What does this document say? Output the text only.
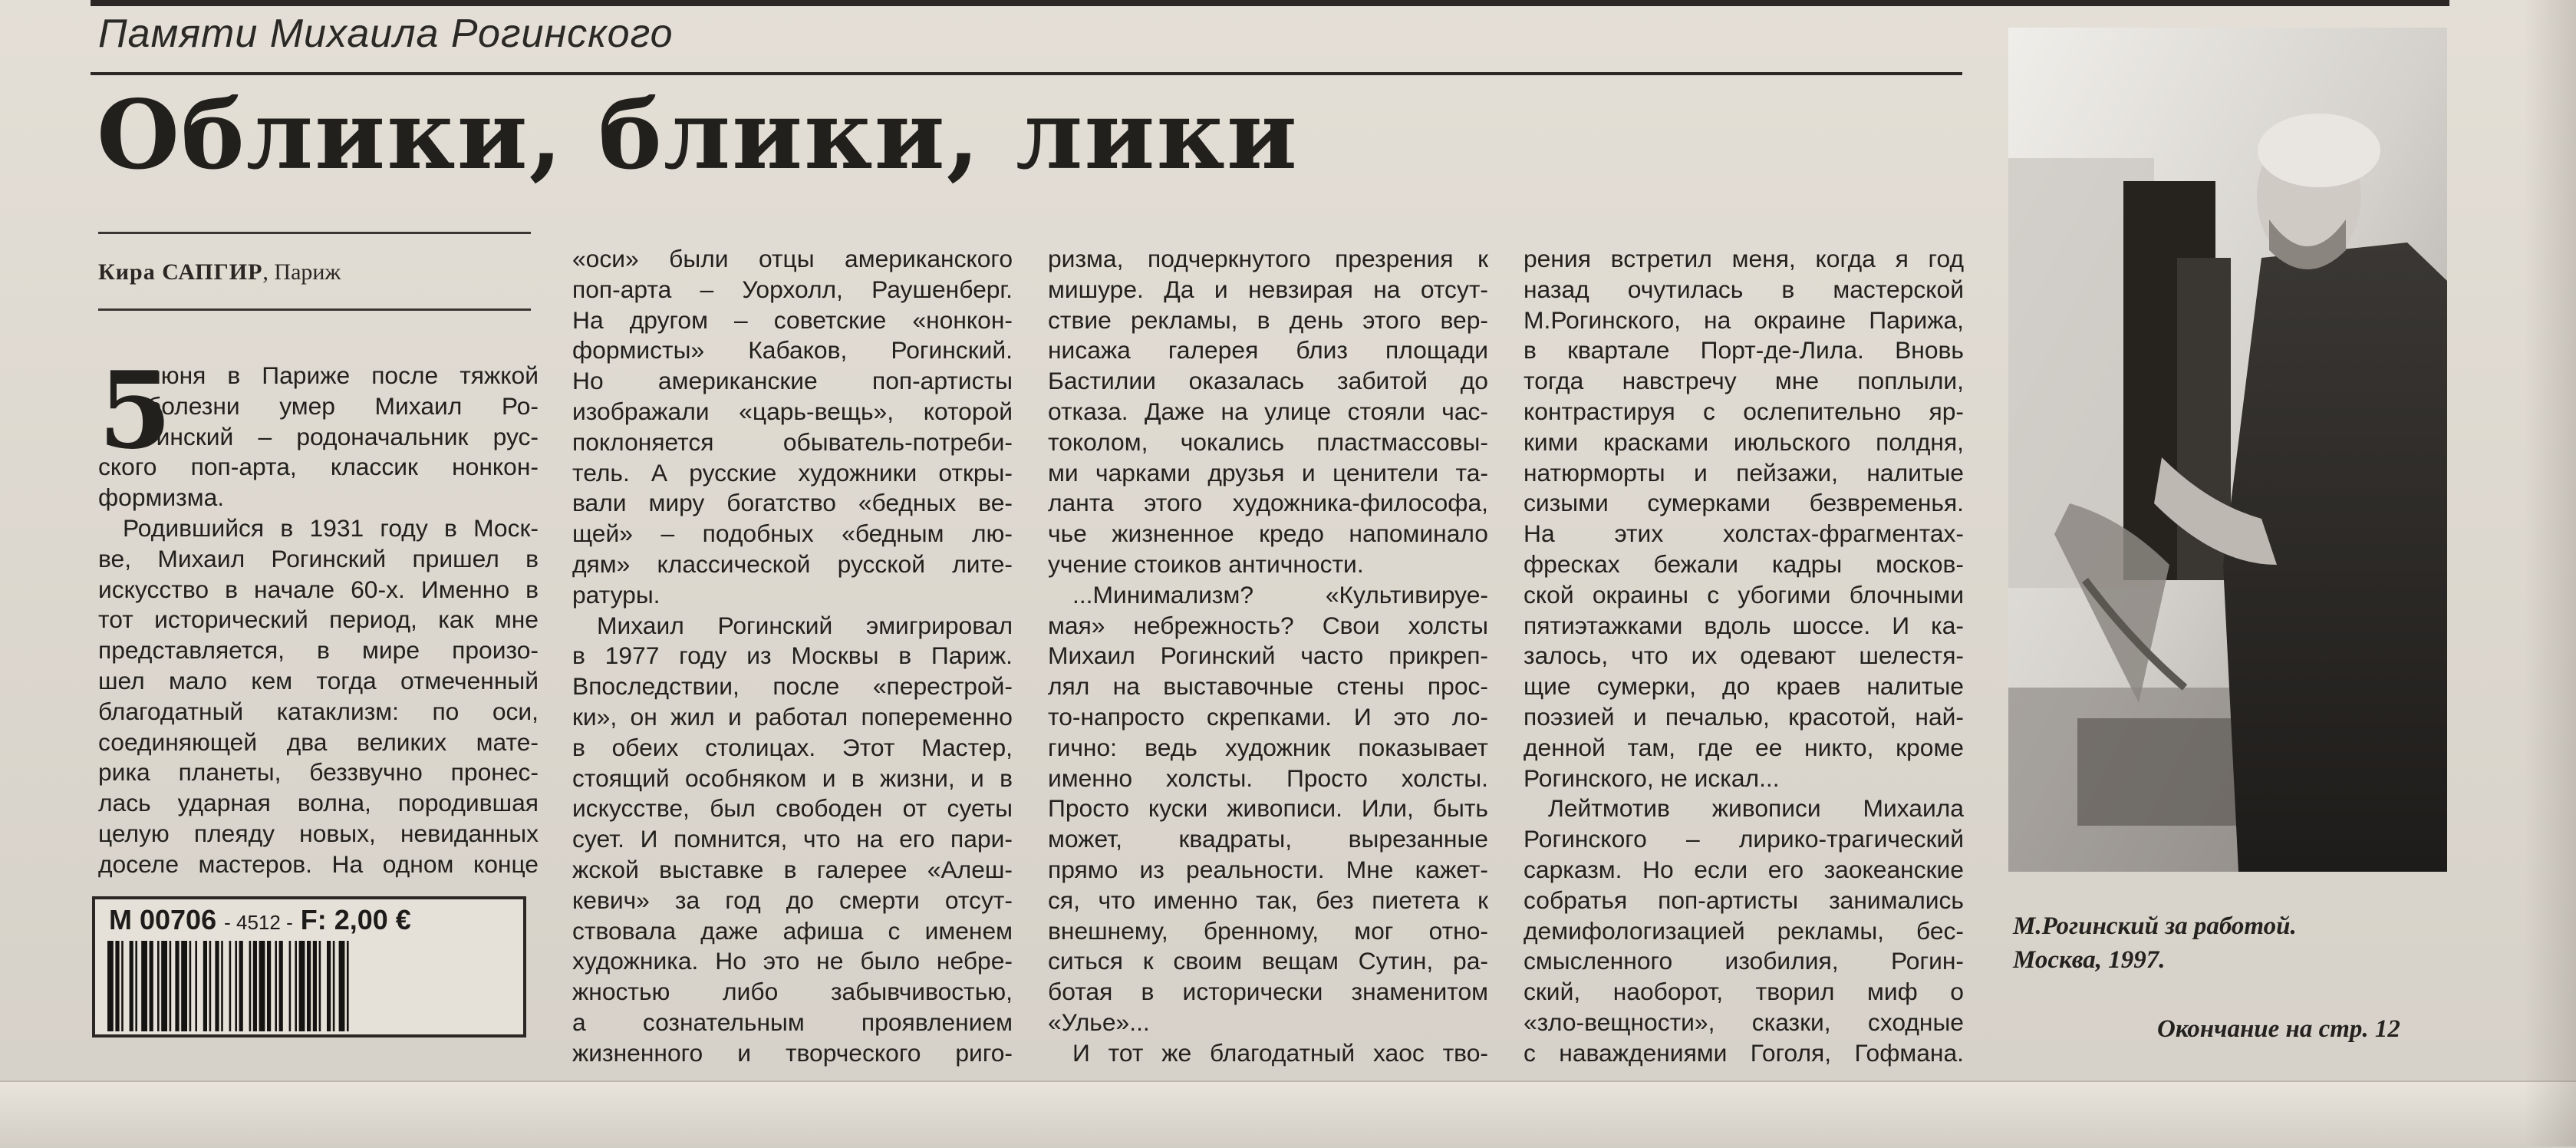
Памяти Михаила Рогинского
Облики, блики, лики
Кира САПГИР, Париж
5
июня в Париже после тяжкой
болезни умер Михаил Ро-
гинский – родоначальник рус-
ского поп-арта, классик нонкон-
формизма.
Родившийся в 1931 году в Моск-
ве, Михаил Рогинский пришел в
искусство в начале 60-х. Именно в
тот исторический период, как мне
представляется, в мире произо-
шел мало кем тогда отмеченный
благодатный катаклизм: по оси,
соединяющей два великих мате-
рика планеты, беззвучно пронес-
лась ударная волна, породившая
целую плеяду новых, невиданных
доселе мастеров. На одном конце
«оси» были отцы американского
поп-арта – Уорхолл, Раушенберг.
На другом – советские «нонкон-
формисты» Кабаков, Рогинский.
Но американские поп-артисты
изображали «царь-вещь», которой
поклоняется обыватель-потреби-
тель. А русские художники откры-
вали миру богатство «бедных ве-
щей» – подобных «бедным лю-
дям» классической русской лите-
ратуры.
Михаил Рогинский эмигрировал
в 1977 году из Москвы в Париж.
Впоследствии, после «перестрой-
ки», он жил и работал попеременно
в обеих столицах. Этот Мастер,
стоящий особняком и в жизни, и в
искусстве, был свободен от суеты
сует. И помнится, что на его пари-
жской выставке в галерее «Алеш-
кевич» за год до смерти отсут-
ствовала даже афиша с именем
художника. Но это не было небре-
жностью либо забывчивостью,
а сознательным проявлением
жизненного и творческого риго-
ризма, подчеркнутого презрения к
мишуре. Да и невзирая на отсут-
ствие рекламы, в день этого вер-
нисажа галерея близ площади
Бастилии оказалась забитой до
отказа. Даже на улице стояли час-
токолом, чокались пластмассовы-
ми чарками друзья и ценители та-
ланта этого художника-философа,
чье жизненное кредо напоминало
учение стоиков античности.
...Минимализм? «Культивируе-
мая» небрежность? Свои холсты
Михаил Рогинский часто прикреп-
лял на выставочные стены прос-
то-напросто скрепками. И это ло-
гично: ведь художник показывает
именно холсты. Просто холсты.
Просто куски живописи. Или, быть
может, квадраты, вырезанные
прямо из реальности. Мне кажет-
ся, что именно так, без пиетета к
внешнему, бренному, мог отно-
ситься к своим вещам Сутин, ра-
ботая в исторически знаменитом
«Улье»...
И тот же благодатный хаос тво-
рения встретил меня, когда я год
назад очутилась в мастерской
М.Рогинского, на окраине Парижа,
в квартале Порт-де-Лила. Вновь
тогда навстречу мне поплыли,
контрастируя с ослепительно яр-
кими красками июльского полдня,
натюрморты и пейзажи, налитые
сизыми сумерками безвременья.
На этих холстах-фрагментах-
фресках бежали кадры москов-
ской окраины с убогими блочными
пятиэтажками вдоль шоссе. И ка-
залось, что их одевают шелестя-
щие сумерки, до краев налитые
поэзией и печалью, красотой, най-
денной там, где ее никто, кроме
Рогинского, не искал...
Лейтмотив живописи Михаила
Рогинского – лирико-трагический
сарказм. Но если его заокеанские
собратья поп-артисты занимались
демифологизацией рекламы, бес-
смысленного изобилия, Рогин-
ский, наоборот, творил миф о
«зло-вещности», сказки, сходные
с наваждениями Гоголя, Гофмана.
M 00706 - 4512 - F: 2,00 €	М.Рогинский за работой.
Москва, 1997.
Окончание на стр. 12
